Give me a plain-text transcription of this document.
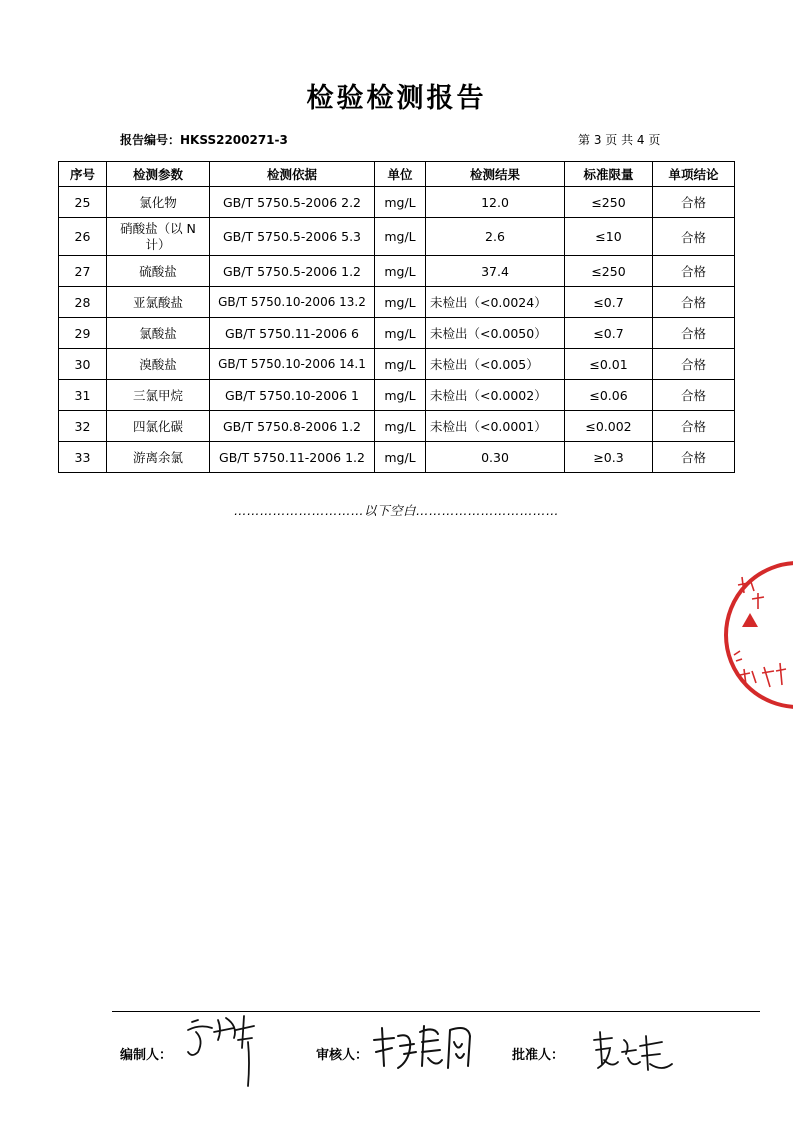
检验检测报告
报告编号：HKSS2200271-3	第 3 页 共 4 页
序号	检测参数	检测依据	单位	检测结果	标准限量	单项结论
25	氯化物	GB/T 5750.5-2006 2.2	mg/L	12.0	≤250	合格
26	硝酸盐（以 N 计）	GB/T 5750.5-2006 5.3	mg/L	2.6	≤10	合格
27	硫酸盐	GB/T 5750.5-2006 1.2	mg/L	37.4	≤250	合格
28	亚氯酸盐	GB/T 5750.10-2006 13.2	mg/L	未检出（<0.0024）	≤0.7	合格
29	氯酸盐	GB/T 5750.11-2006 6	mg/L	未检出（<0.0050）	≤0.7	合格
30	溴酸盐	GB/T 5750.10-2006 14.1	mg/L	未检出（<0.005）	≤0.01	合格
31	三氯甲烷	GB/T 5750.10-2006 1	mg/L	未检出（<0.0002）	≤0.06	合格
32	四氯化碳	GB/T 5750.8-2006 1.2	mg/L	未检出（<0.0001）	≤0.002	合格
33	游离余氯	GB/T 5750.11-2006 1.2	mg/L	0.30	≥0.3	合格
…………………………以下空白……………………………
编制人：	审核人：	批准人：
